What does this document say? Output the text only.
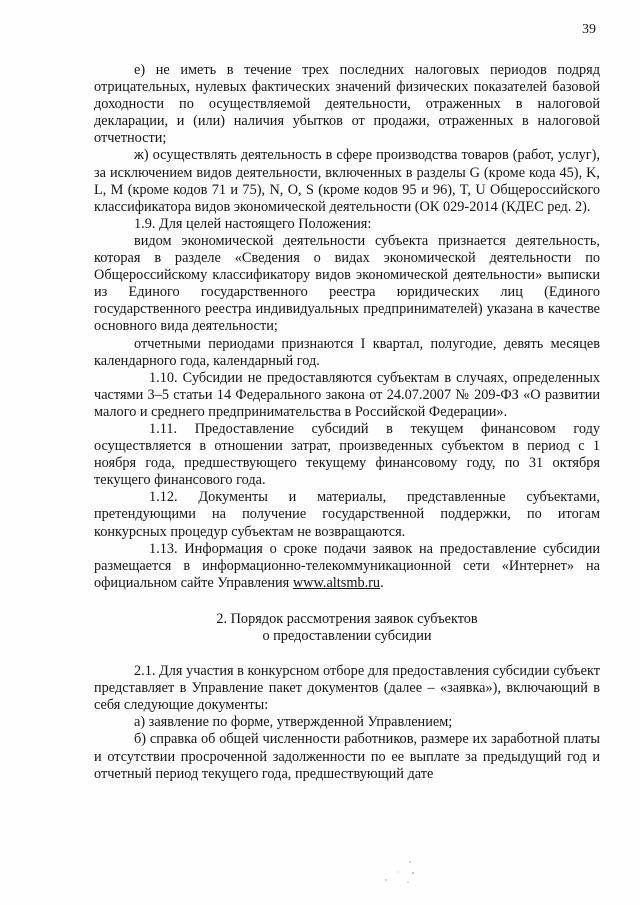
39

е) не иметь в течение трех последних налоговых периодов подряд отрицательных, нулевых фактических значений физических показателей базовой доходности по осуществляемой деятельности, отраженных в налоговой декларации, и (или) наличия убытков от продажи, отраженных в налоговой отчетности;

ж) осуществлять деятельность в сфере производства товаров (работ, услуг), за исключением видов деятельности, включенных в разделы G (кроме кода 45), K, L, M (кроме кодов 71 и 75), N, O, S (кроме кодов 95 и 96), T, U Общероссийского классификатора видов экономической деятельности (ОК 029-2014 (КДЕС ред. 2).

1.9. Для целей настоящего Положения:

видом экономической деятельности субъекта признается деятельность, которая в разделе «Сведения о видах экономической деятельности по Общероссийскому классификатору видов экономической деятельности» выписки из Единого государственного реестра юридических лиц (Единого государственного реестра индивидуальных предпринимателей) указана в качестве основного вида деятельности;

отчетными периодами признаются I квартал, полугодие, девять месяцев календарного года, календарный год.

1.10. Субсидии не предоставляются субъектам в случаях, определенных частями 3–5 статьи 14 Федерального закона от 24.07.2007 № 209-ФЗ «О развитии малого и среднего предпринимательства в Российской Федерации».

1.11. Предоставление субсидий в текущем финансовом году осуществляется в отношении затрат, произведенных субъектом в период с 1 ноября года, предшествующего текущему финансовому году, по 31 октября текущего финансового года.

1.12. Документы и материалы, представленные субъектами, претендующими на получение государственной поддержки, по итогам конкурсных процедур субъектам не возвращаются.

1.13. Информация о сроке подачи заявок на предоставление субсидии размещается в информационно-телекоммуникационной сети «Интернет» на официальном сайте Управления www.altsmb.ru.

2. Порядок рассмотрения заявок субъектов
о предоставлении субсидии

2.1. Для участия в конкурсном отборе для предоставления субсидии субъект представляет в Управление пакет документов (далее – «заявка»), включающий в себя следующие документы:

а) заявление по форме, утвержденной Управлением;

б) справка об общей численности работников, размере их заработной платы и отсутствии просроченной задолженности по ее выплате за предыдущий год и отчетный период текущего года, предшествующий дате
